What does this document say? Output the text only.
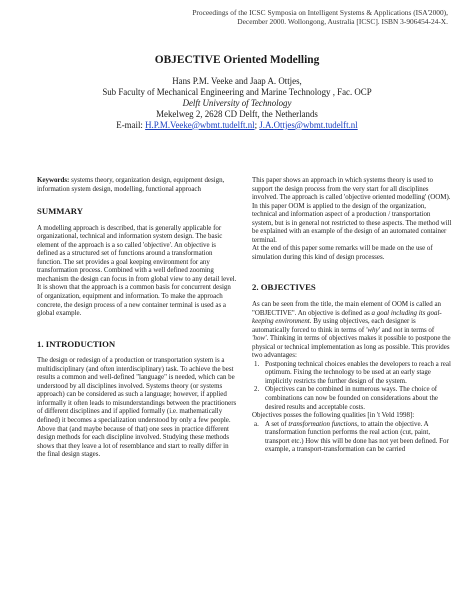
Proceedings of the ICSC Symposia on Intelligent Systems & Applications (ISA'2000),
December 2000. Wollongong, Australia [ICSC]. ISBN 3-906454-24-X.
OBJECTIVE Oriented Modelling
Hans P.M. Veeke and Jaap A. Ottjes,
Sub Faculty of Mechanical Engineering and Marine Technology , Fac. OCP
Delft University of Technology
Mekelweg 2, 2628 CD Delft, the Netherlands
E-mail: H.P.M.Veeke@wbmt.tudelft.nl; J.A.Ottjes@wbmt.tudelft.nl

Keywords: systems theory, organization design, equipment design, information system design, modelling, functional approach

SUMMARY

A modelling approach is described, that is generally applicable for organizational, technical and information system design. The basic element of the approach is a so called 'objective'. An objective is defined as a structured set of functions around a transformation function. The set provides a goal keeping environment for any transformation process. Combined with a well defined zooming mechanism the design can focus in from global view to any detail level.

It is shown that the approach is a common basis for concurrent design of organization, equipment and information. To make the approach concrete, the design process of a new container terminal is used as a global example.

1. INTRODUCTION

The design or redesign of a production or transportation system is a multidisciplinary (and often interdisciplinary) task. To achieve the best results a common and well-defined "language" is needed, which can be understood by all disciplines involved. Systems theory (or systems approach) can be considered as such a language; however, if applied informally it often leads to misunderstandings between the practitioners of different disciplines and if applied formally (i.e. mathematically defined) it becomes a specialization understood by only a few people. Above that (and maybe because of that) one sees in practice different design methods for each discipline involved. Studying these methods shows that they leave a lot of resemblance and start to really differ in the final design stages.

This paper shows an approach in which systems theory is used to support the design process from the very start for all disciplines involved. The approach is called 'objective oriented modelling' (OOM). In this paper OOM is applied to the design of the organization, technical and information aspect of a production / transportation system, but is in general not restricted to these aspects. The method will be explained with an example of the design of an automated container terminal.

At the end of this paper some remarks will be made on the use of simulation during this kind of design processes.

2. OBJECTIVES

As can be seen from the title, the main element of OOM is called an "OBJECTIVE". An objective is defined as a goal including its goal-keeping environment. By using objectives, each designer is automatically forced to think in terms of 'why' and not in terms of 'how'. Thinking in terms of objectives makes it possible to postpone the physical or technical implementation as long as possible. This provides two advantages:

1. Postponing technical choices enables the developers to reach a real optimum. Fixing the technology to be used at an early stage implicitly restricts the further design of the system.
2. Objectives can be combined in numerous ways. The choice of combinations can now be founded on considerations about the desired results and acceptable costs.

Objectives posses the following qualities [in 't Veld 1998]:

a. A set of transformation functions, to attain the objective. A transformation function performs the real action (cut, paint, transport etc.) How this will be done has not yet been defined. For example, a transport-transformation can be carried
